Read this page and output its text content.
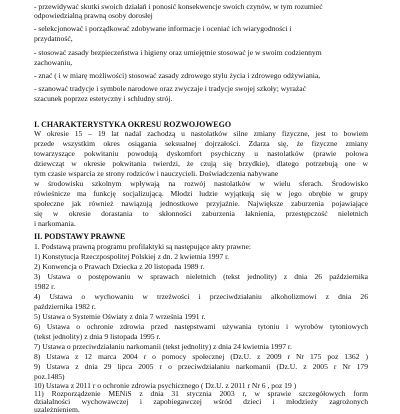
- przewidywać skutki swoich działań i ponosić konsekwencje swoich czynów, w tym rozumieć
odpowiedzialną prawną osoby dorosłej
- selekcjonować i porządkować zdobywane informacje i oceniać ich wiarygodności i
przydatność,
- stosować zasady bezpieczeństwa i higieny oraz umiejętnie stosować je w swoim codziennym
zachowaniu,
- znać ( i w miarę możliwości) stosować zasady zdrowego stylu życia i zdrowego odżywiania,
- szanować tradycje i symbole narodowe oraz zwyczaje i tradycje swojej szkoły; wyrażać
szacunek poprzez estetyczny i schludny strój.
I. CHARAKTERYSTYKA OKRESU ROZWOJOWEGO
W okresie 15 – 19 lat nadal zachodzą u nastolatków silne zmiany fizyczne, jest to bowiem
przede wszystkim okres osiągania seksualnej dojrzałości. Zdarza się, że fizyczne zmiany
towarzyszące pokwitaniu powodują dyskomfort psychiczny u nastolatków (prawie połowa
dziewcząt w okresie pokwitania twierdzi, że czują się brzydkie), dlatego potrzebują one w
tym czasie wsparcia ze strony rodziców i nauczycieli. Doświadczenia nabywane
w środowisku szkolnym wpływają na rozwój nastolatków w wielu sferach. Środowisko
rówieśnicze ma funkcję socjalizującą. Młodzi ludzie wyjątkują się w jego obrębie w grupy
społeczne jak również nawiązują jednostkowe przyjaźnie. Największe zaburzenia pojawiające
się w okresie dorastania to skłonności zaburzenia łaknienia, przestępczość nieletnich
i narkomania.
II. PODSTAWY PRAWNE
1. Podstawą prawną programu profilaktyki są następujące akty prawne:
1) Konstytucja Rzeczpospolitej Polskiej z dn. 2 kwietnia 1997 r.
2) Konwencja o Prawach Dziecka z 20 listopada 1989 r.
3) Ustawa o postępowaniu w sprawach nieletnich (tekst jednolity) z dnia 26 października
1982 r.
4) Ustawa o wychowaniu w trzeźwości i przeciwdziałaniu alkoholizmowi z dnia 26
października 1982 r.
5) Ustawa o Systemie Oświaty z dnia 7 września 1991 r.
6) Ustawa o ochronie zdrowia przed następstwami używania tytoniu i wyrobów tytoniowych
(tekst jednolity) z dnia 9 listopada 1995 r.
7) Ustawa o przeciwdziałaniu narkomanii (tekst jednolity) z dnia 24 kwietnia 1997 r.
8) Ustawa z 12 marca 2004 r o pomocy społecznej (Dz.U. z 2009 r Nr 175 poz 1362 )
9) Ustawa z dnia 29 lipca 2005 r o przeciwdziałaniu narkomanii (Dz.U. z 2005 r Nr 179
poz.1485)
10) Ustawa z 2011 r o ochronie zdrowia psychicznego ( Dz.U. z 2011 r Nr 6 , poz 19 )
11) Rozporządzenie MENiS z dnia 31 stycznia 2003 r, w sprawie szczegółowych form
działalności wychowawczej i zapobiegawczej wśród dzieci i młodzieży zagrożonych
uzależnieniem.
